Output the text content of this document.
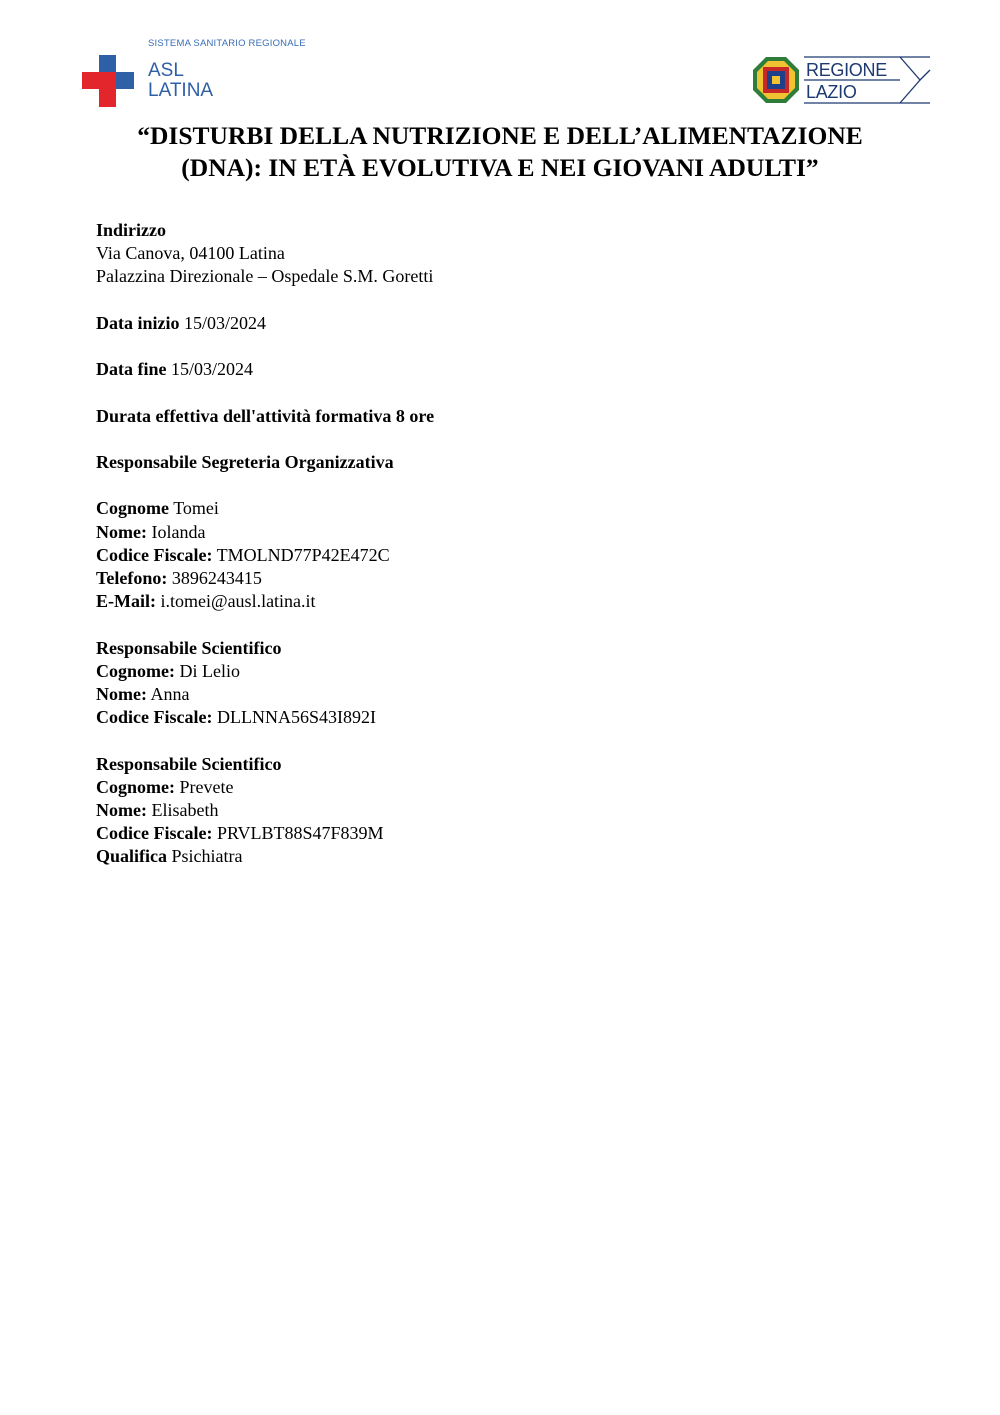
SISTEMA SANITARIO REGIONALE
ASL
LATINA
REGIONE
LAZIO
“DISTURBI DELLA NUTRIZIONE E DELL’ALIMENTAZIONE
(DNA): IN ETÀ EVOLUTIVA E NEI GIOVANI ADULTI”

Indirizzo

Via Canova, 04100 Latina

Palazzina Direzionale – Ospedale S.M. Goretti

Data inizio 15/03/2024

Data fine 15/03/2024

Durata effettiva dell'attività formativa 8 ore

Responsabile Segreteria Organizzativa

Cognome Tomei

Nome: Iolanda

Codice Fiscale: TMOLND77P42E472C

Telefono: 3896243415

E-Mail: i.tomei@ausl.latina.it

Responsabile Scientifico

Cognome: Di Lelio

Nome: Anna

Codice Fiscale: DLLNNA56S43I892I

Responsabile Scientifico

Cognome: Prevete

Nome: Elisabeth

Codice Fiscale: PRVLBT88S47F839M

Qualifica Psichiatra
